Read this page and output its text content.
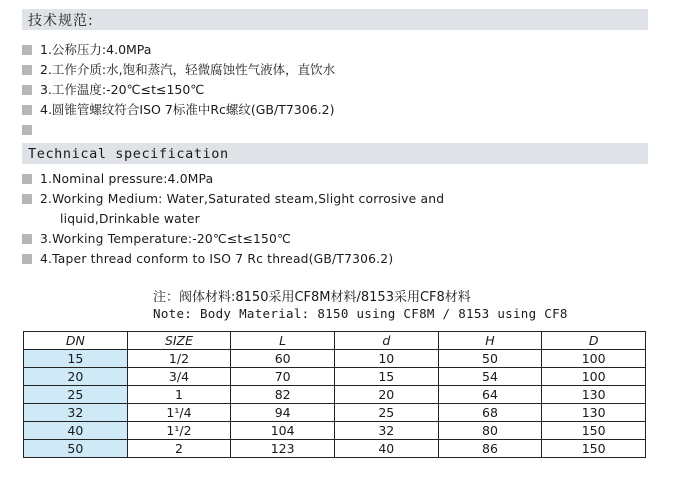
技术规范:
1.公称压力:4.0MPa
2.工作介质:水,饱和蒸汽，轻微腐蚀性气液体，直饮水
3.工作温度:-20℃≤t≤150℃
4.圆锥管螺纹符合ISO 7标准中Rc螺纹(GB/T7306.2)
Technical specification
1.Nominal pressure:4.0MPa
2.Working Medium: Water,Saturated steam,Slight corrosive and
liquid,Drinkable water
3.Working Temperature:-20℃≤t≤150℃
4.Taper thread conform to ISO 7 Rc thread(GB/T7306.2)
注：阀体材料:8150采用CF8M材料/8153采用CF8材料
Note: Body Material: 8150 using CF8M / 8153 using CF8
DN	SIZE	L	d	H	D
15	1/2	60	10	50	100
20	3/4	70	15	54	100
25	1	82	20	64	130
32	1¹/4	94	25	68	130
40	1¹/2	104	32	80	150
50	2	123	40	86	150
